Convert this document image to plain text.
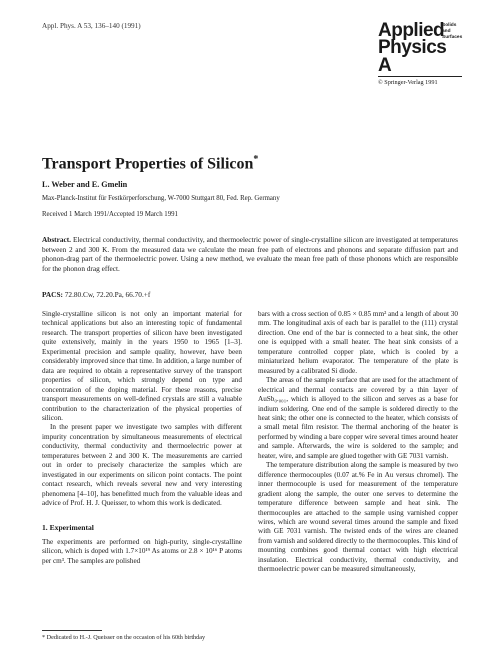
Appl. Phys. A 53, 136–140 (1991)	Applied
Physics A
Solids
and
Surfaces
© Springer-Verlag 1991
Transport Properties of Silicon*
L. Weber and E. Gmelin
Max-Planck-Institut für Festkörperforschung, W-7000 Stuttgart 80, Fed. Rep. Germany
Received 1 March 1991/Accepted 19 March 1991
Abstract. Electrical conductivity, thermal conductivity, and thermoelectric power of single-crystalline silicon are investigated at temperatures between 2 and 300 K. From the measured data we calculate the mean free path of electrons and phonons and separate diffusion part and phonon-drag part of the thermoelectric power. Using a new method, we evaluate the mean free path of those phonons which are responsible for the phonon drag effect.
PACS: 72.80.Cw, 72.20.Pa, 66.70.+f

Single-crystalline silicon is not only an important material for technical applications but also an interesting topic of fundamental research. The transport properties of silicon have been investigated quite extensively, mainly in the years 1950 to 1965 [1–3]. Experimental precision and sample quality, however, have been considerably improved since that time. In addition, a large number of data are required to obtain a representative survey of the transport properties of silicon, which strongly depend on type and concentration of the doping material. For these reasons, precise transport measurements on well-defined crystals are still a valuable contribution to the characterization of the physical properties of silicon.

In the present paper we investigate two samples with different impurity concentration by simultaneous measurements of electrical conductivity, thermal conductivity and thermoelectric power at temperatures between 2 and 300 K. The measurements are carried out in order to precisely characterize the samples which are investigated in our experiments on silicon point contacts. The point contact research, which reveals several new and very interesting phenomena [4–10], has benefitted much from the valuable ideas and advice of Prof. H. J. Queisser, to whom this work is dedicated.

1. Experimental

The experiments are performed on high-purity, single-crystalline silicon, which is doped with 1.7×10¹⁹ As atoms or 2.8 × 10¹⁶ P atoms per cm³. The samples are polished

bars with a cross section of 0.85 × 0.85 mm² and a length of about 30 mm. The longitudinal axis of each bar is parallel to the (111) crystal direction. One end of the bar is connected to a heat sink, the other one is equipped with a small heater. The heat sink consists of a temperature controlled copper plate, which is cooled by a miniaturized helium evaporator. The temperature of the plate is measured by a calibrated Si diode.

The areas of the sample surface that are used for the attachment of electrical and thermal contacts are covered by a thin layer of AuSb₀.₀₀₁, which is alloyed to the silicon and serves as a base for indium soldering. One end of the sample is soldered directly to the heat sink; the other one is connected to the heater, which consists of a small metal film resistor. The thermal anchoring of the heater is performed by winding a bare copper wire several times around heater and sample. Afterwards, the wire is soldered to the sample; and heater, wire, and sample are glued together with GE 7031 varnish.

The temperature distribution along the sample is measured by two difference thermocouples (0.07 at.% Fe in Au versus chromel). The inner thermocouple is used for measurement of the temperature gradient along the sample, the outer one serves to determine the temperature difference between sample and heat sink. The thermocouples are attached to the sample using varnished copper wires, which are wound several times around the sample and fixed with GE 7031 varnish. The twisted ends of the wires are cleaned from varnish and soldered directly to the thermocouples. This kind of mounting combines good thermal contact with high electrical insulation. Electrical conductivity, thermal conductivity, and thermoelectric power can be measured simultaneously,

* Dedicated to H.-J. Queisser on the occasion of his 60th birthday
